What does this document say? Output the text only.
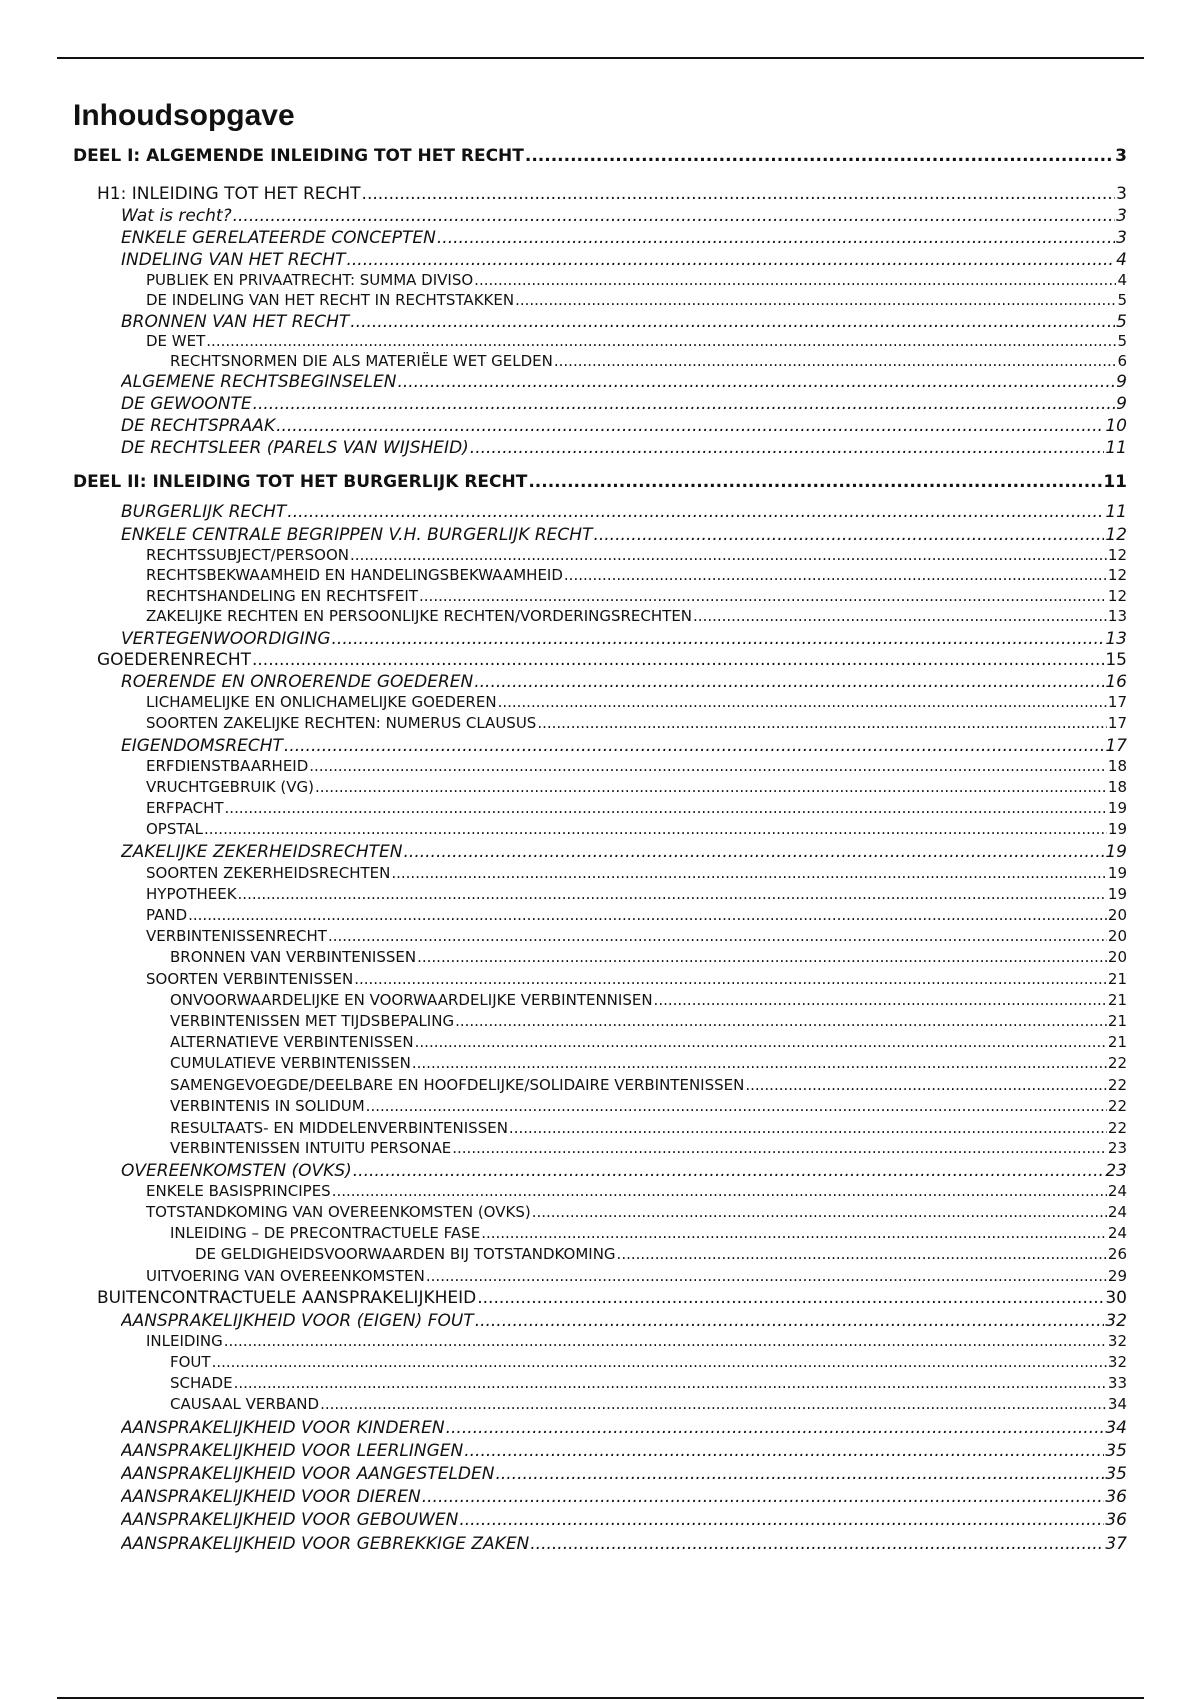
Inhoudsopgave
DEEL I: ALGEMENDE INLEIDING TOT HET RECHT .....	3
H1: INLEIDING TOT HET RECHT .....	3
Wat is recht? .....	3
ENKELE GERELATEERDE CONCEPTEN .....	3
INDELING VAN HET RECHT .....	4
PUBLIEK EN PRIVAATRECHT: SUMMA DIVISO .....	4
DE INDELING VAN HET RECHT IN RECHTSTAKKEN .....	5
BRONNEN VAN HET RECHT .....	5
DE WET .....	5
RECHTSNORMEN DIE ALS MATERIËLE WET GELDEN .....	6
ALGEMENE RECHTSBEGINSELEN .....	9
DE GEWOONTE .....	9
DE RECHTSPRAAK .....	10
DE RECHTSLEER (PARELS VAN WIJSHEID) .....	11
DEEL II: INLEIDING TOT HET BURGERLIJK RECHT .....	11
BURGERLIJK RECHT .....	11
ENKELE CENTRALE BEGRIPPEN V.H. BURGERLIJK RECHT .....	12
RECHTSSUBJECT/PERSOON .....	12
RECHTSBEKWAAMHEID EN HANDELINGSBEKWAAMHEID .....	12
RECHTSHANDELING EN RECHTSFEIT .....	12
ZAKELIJKE RECHTEN EN PERSOONLIJKE RECHTEN/VORDERINGSRECHTEN .....	13
VERTEGENWOORDIGING .....	13
GOEDERENRECHT .....	15
ROERENDE EN ONROERENDE GOEDEREN .....	16
LICHAMELIJKE EN ONLICHAMELIJKE GOEDEREN .....	17
SOORTEN ZAKELIJKE RECHTEN: NUMERUS CLAUSUS .....	17
EIGENDOMSRECHT .....	17
ERFDIENSTBAARHEID .....	18
VRUCHTGEBRUIK (VG) .....	18
ERFPACHT .....	19
OPSTAL .....	19
ZAKELIJKE ZEKERHEIDSRECHTEN .....	19
SOORTEN ZEKERHEIDSRECHTEN .....	19
HYPOTHEEK .....	19
PAND .....	20
VERBINTENISSENRECHT .....	20
BRONNEN VAN VERBINTENISSEN .....	20
SOORTEN VERBINTENISSEN .....	21
ONVOORWAARDELIJKE EN VOORWAARDELIJKE VERBINTENNISEN .....	21
VERBINTENISSEN MET TIJDSBEPALING .....	21
ALTERNATIEVE VERBINTENISSEN .....	21
CUMULATIEVE VERBINTENISSEN .....	22
SAMENGEVOEGDE/DEELBARE EN HOOFDELIJKE/SOLIDAIRE VERBINTENISSEN .....	22
VERBINTENIS IN SOLIDUM .....	22
RESULTAATS- EN MIDDELENVERBINTENISSEN .....	22
VERBINTENISSEN INTUITU PERSONAE .....	23
OVEREENKOMSTEN (OVKS) .....	23
ENKELE BASISPRINCIPES .....	24
TOTSTANDKOMING VAN OVEREENKOMSTEN (OVKS) .....	24
INLEIDING – DE PRECONTRACTUELE FASE .....	24
DE GELDIGHEIDSVOORWAARDEN BIJ TOTSTANDKOMING .....	26
UITVOERING VAN OVEREENKOMSTEN .....	29
BUITENCONTRACTUELE AANSPRAKELIJKHEID .....	30
AANSPRAKELIJKHEID VOOR (EIGEN) FOUT .....	32
INLEIDING .....	32
FOUT .....	32
SCHADE .....	33
CAUSAAL VERBAND .....	34
AANSPRAKELIJKHEID VOOR KINDEREN .....	34
AANSPRAKELIJKHEID VOOR LEERLINGEN .....	35
AANSPRAKELIJKHEID VOOR AANGESTELDEN .....	35
AANSPRAKELIJKHEID VOOR DIEREN .....	36
AANSPRAKELIJKHEID VOOR GEBOUWEN .....	36
AANSPRAKELIJKHEID VOOR GEBREKKIGE ZAKEN .....	37
